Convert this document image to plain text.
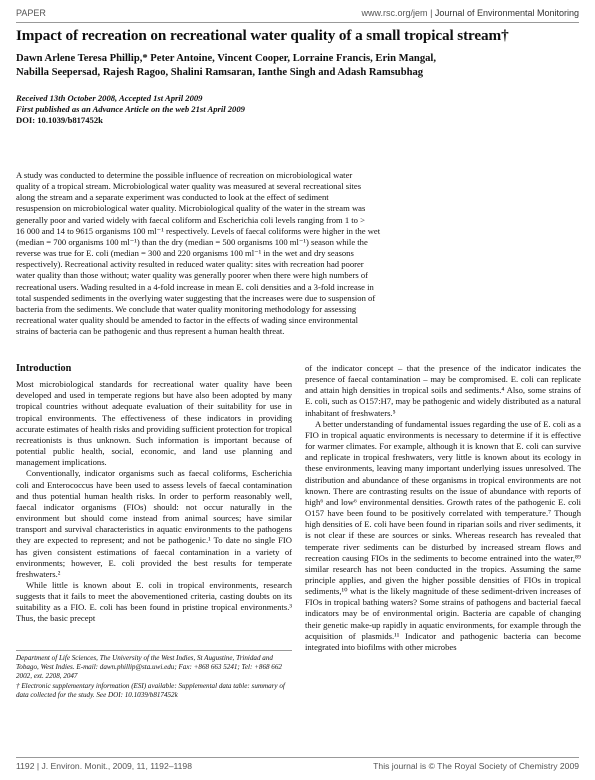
PAPER	www.rsc.org/jem | Journal of Environmental Monitoring
Impact of recreation on recreational water quality of a small tropical stream†
Dawn Arlene Teresa Phillip,* Peter Antoine, Vincent Cooper, Lorraine Francis, Erin Mangal,
Nabilla Seepersad, Rajesh Ragoo, Shalini Ramsaran, Ianthe Singh and Adash Ramsubhag
Received 13th October 2008, Accepted 1st April 2009
First published as an Advance Article on the web 21st April 2009
DOI: 10.1039/b817452k

A study was conducted to determine the possible influence of recreation on microbiological water

quality of a tropical stream. Microbiological water quality was measured at several recreational sites

along the stream and a separate experiment was conducted to look at the effect of sediment

resuspension on microbiological water quality. Microbiological quality of the water in the stream was

generally poor and varied widely with faecal coliform and Escherichia coli levels ranging from 1 to >

16 000 and 14 to 9615 organisms 100 ml⁻¹ respectively. Levels of faecal coliforms were higher in the wet

(median = 700 organisms 100 ml⁻¹) than the dry (median = 500 organisms 100 ml⁻¹) season while the

reverse was true for E. coli (median = 300 and 220 organisms 100 ml⁻¹ in the wet and dry seasons

respectively). Recreational activity resulted in reduced water quality: sites with recreation had poorer

water quality than those without; water quality was generally poorer when there were high numbers of

recreational users. Wading resulted in a 4-fold increase in mean E. coli densities and a 3-fold increase in

total suspended sediments in the overlying water suggesting that the increases were due to suspension of

bacteria from the sediments. We conclude that water quality monitoring methodology for assessing

recreational water quality should be amended to factor in the effects of wading since environmental

strains of bacteria can be pathogenic and thus represent a human health threat.

Introduction

Most microbiological standards for recreational water quality have been developed and used in temperate regions but have also been adopted by many tropical countries without adequate evaluation of their suitability for use in tropical environments. The effectiveness of these indicators in providing accurate estimates of health risks and providing sufficient protection for tropical recreationists is thus unknown. Such information is important because of potential public health, social, economic, and land use planning and management implications.

Conventionally, indicator organisms such as faecal coliforms, Escherichia coli and Enterococcus have been used to assess levels of faecal contamination and thus potential human health risks. In order to perform reasonably well, faecal indicator organisms (FIOs) should: not occur naturally in the environment but should come instead from animal sources; have similar transport and survival characteristics in aquatic environments to the pathogens they are expected to represent; and not be pathogenic.¹ To date no single FIO has given consistent estimations of faecal contamination in a variety of environments; however, E. coli provided the best results for temperate freshwaters.²

While little is known about E. coli in tropical environments, research suggests that it fails to meet the abovementioned criteria, casting doubts on its suitability as a FIO. E. coli has been found in pristine tropical environments.³ Thus, the basic precept

of the indicator concept – that the presence of the indicator indicates the presence of faecal contamination – may be compromised. E. coli can replicate and attain high densities in tropical soils and sediments.⁴ Also, some strains of E. coli, such as O157:H7, may be pathogenic and widely distributed as a natural inhabitant of freshwaters.⁵

A better understanding of fundamental issues regarding the use of E. coli as a FIO in tropical aquatic environments is necessary to determine if it is effective for warmer climates. For example, although it is known that E. coli can survive and replicate in tropical freshwaters, very little is known about its ecology in these environments, leaving many important underlying issues unresolved. The distribution and abundance of these organisms in tropical environments are not known. There are contrasting results on the issue of abundance with reports of high⁶ and low⁶ environmental densities. Growth rates of the pathogenic E. coli O157 have been found to be positively correlated with temperature.⁷ Though high densities of E. coli have been found in riparian soils and river sediments, it is not clear if these are sources or sinks. Whereas research has revealed that temperate river sediments can be disturbed by increased stream flows and recreation causing FIOs in the sediments to become entrained into the water,⁸⁹ similar research has not been conducted in the tropics. Assuming the same principle applies, and given the higher possible densities of FIOs in tropical sediments,¹⁰ what is the likely magnitude of these sediment-driven increases of FIOs in tropical bathing waters? Some strains of pathogens and bacterial faecal indicators may be of environmental origin. Bacteria are capable of changing their genetic make-up rapidly in aquatic environments, for example through the acquisition of plasmids.¹¹ Indicator and pathogenic bacteria can become integrated into biofilms with other microbes

Department of Life Sciences, The University of the West Indies, St Augustine, Trinidad and Tobago, West Indies. E-mail: dawn.phillip@sta.uwi.edu; Fax: +868 663 5241; Tel: +868 662 2002, ext. 2208, 2047

† Electronic supplementary information (ESI) available: Supplemental data table: summary of data collected for the study. See DOI: 10.1039/b817452k

1192 | J. Environ. Monit., 2009, 11, 1192–1198	This journal is © The Royal Society of Chemistry 2009
